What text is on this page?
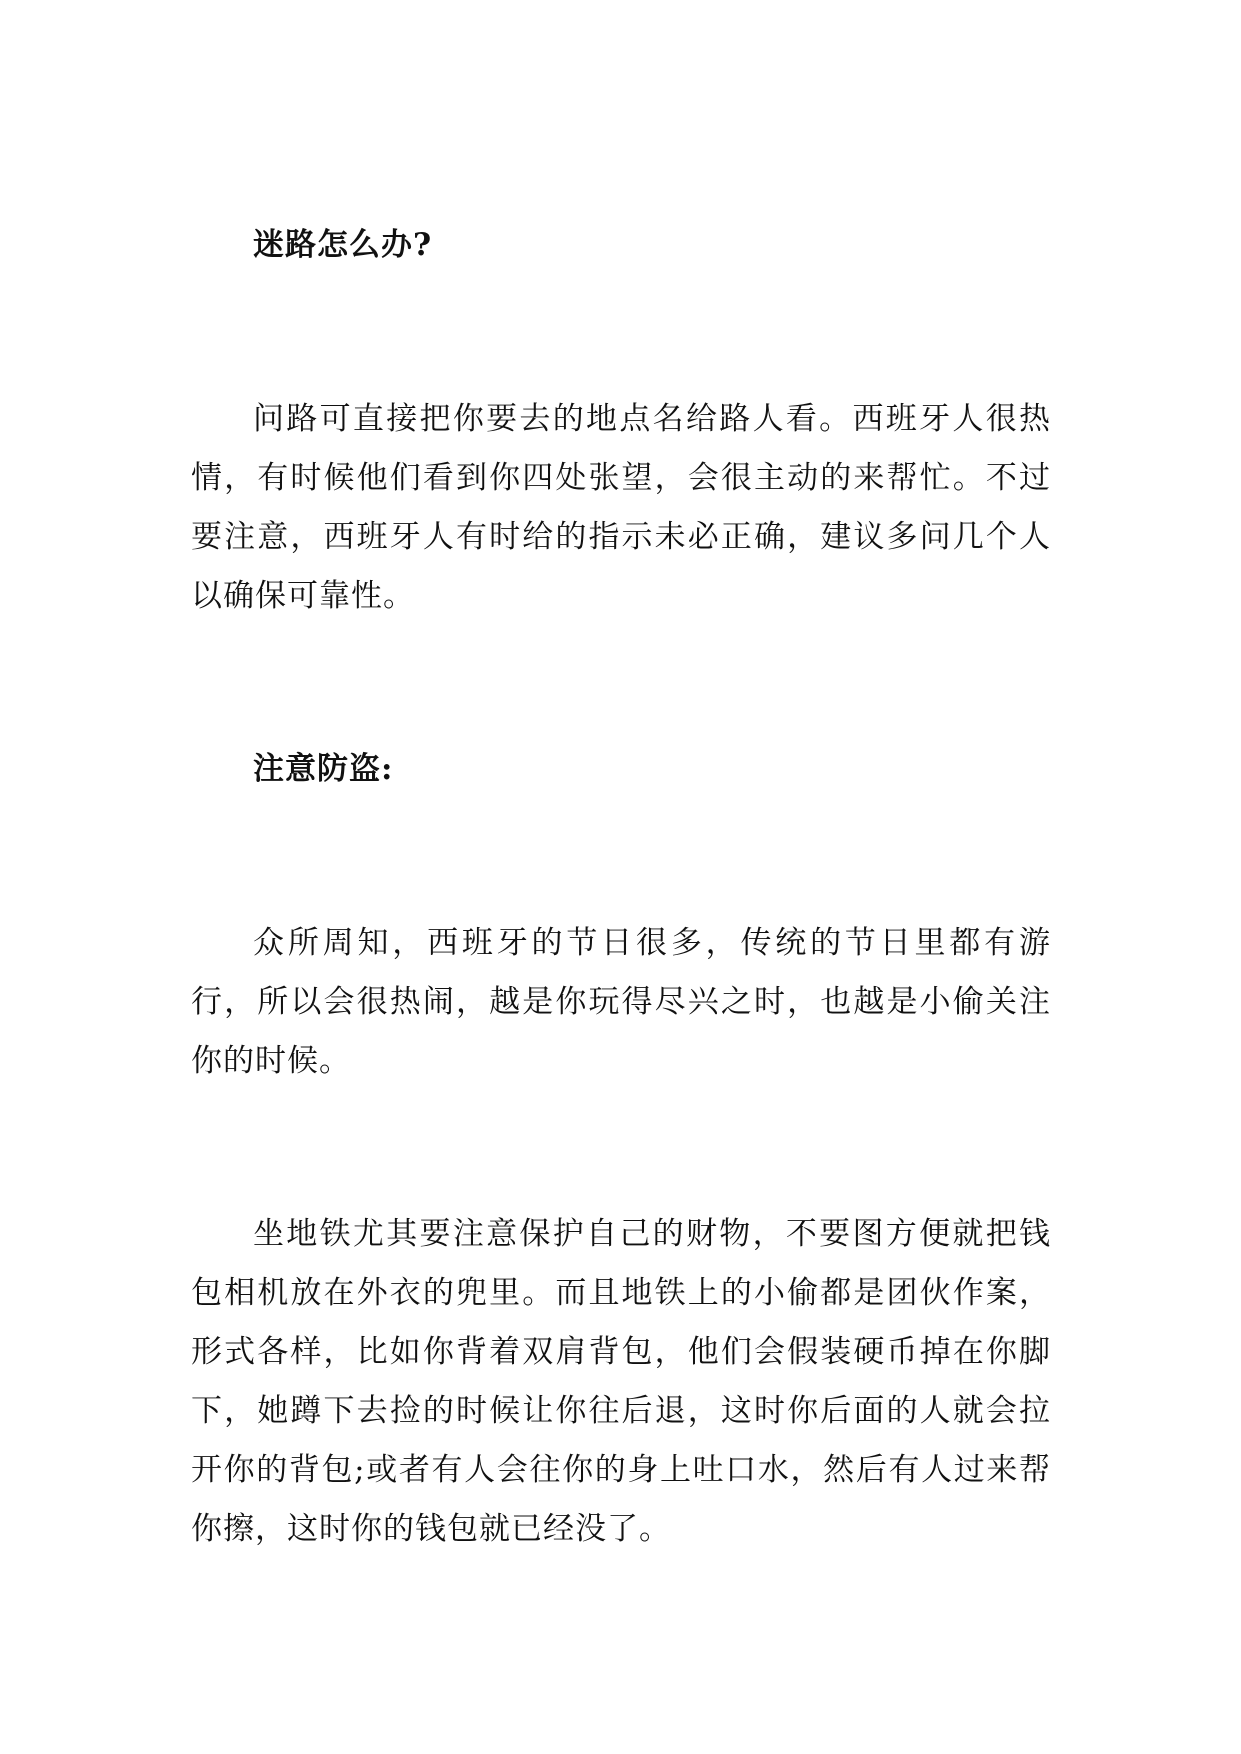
迷路怎么办?

问路可直接把你要去的地点名给路人看。西班牙人很热情，有时候他们看到你四处张望，会很主动的来帮忙。不过要注意，西班牙人有时给的指示未必正确，建议多问几个人以确保可靠性。

注意防盗:

众所周知，西班牙的节日很多，传统的节日里都有游行，所以会很热闹，越是你玩得尽兴之时，也越是小偷关注你的时候。

坐地铁尤其要注意保护自己的财物，不要图方便就把钱包相机放在外衣的兜里。而且地铁上的小偷都是团伙作案，形式各样，比如你背着双肩背包，他们会假装硬币掉在你脚下，她蹲下去捡的时候让你往后退，这时你后面的人就会拉开你的背包;或者有人会往你的身上吐口水，然后有人过来帮你擦，这时你的钱包就已经没了。
